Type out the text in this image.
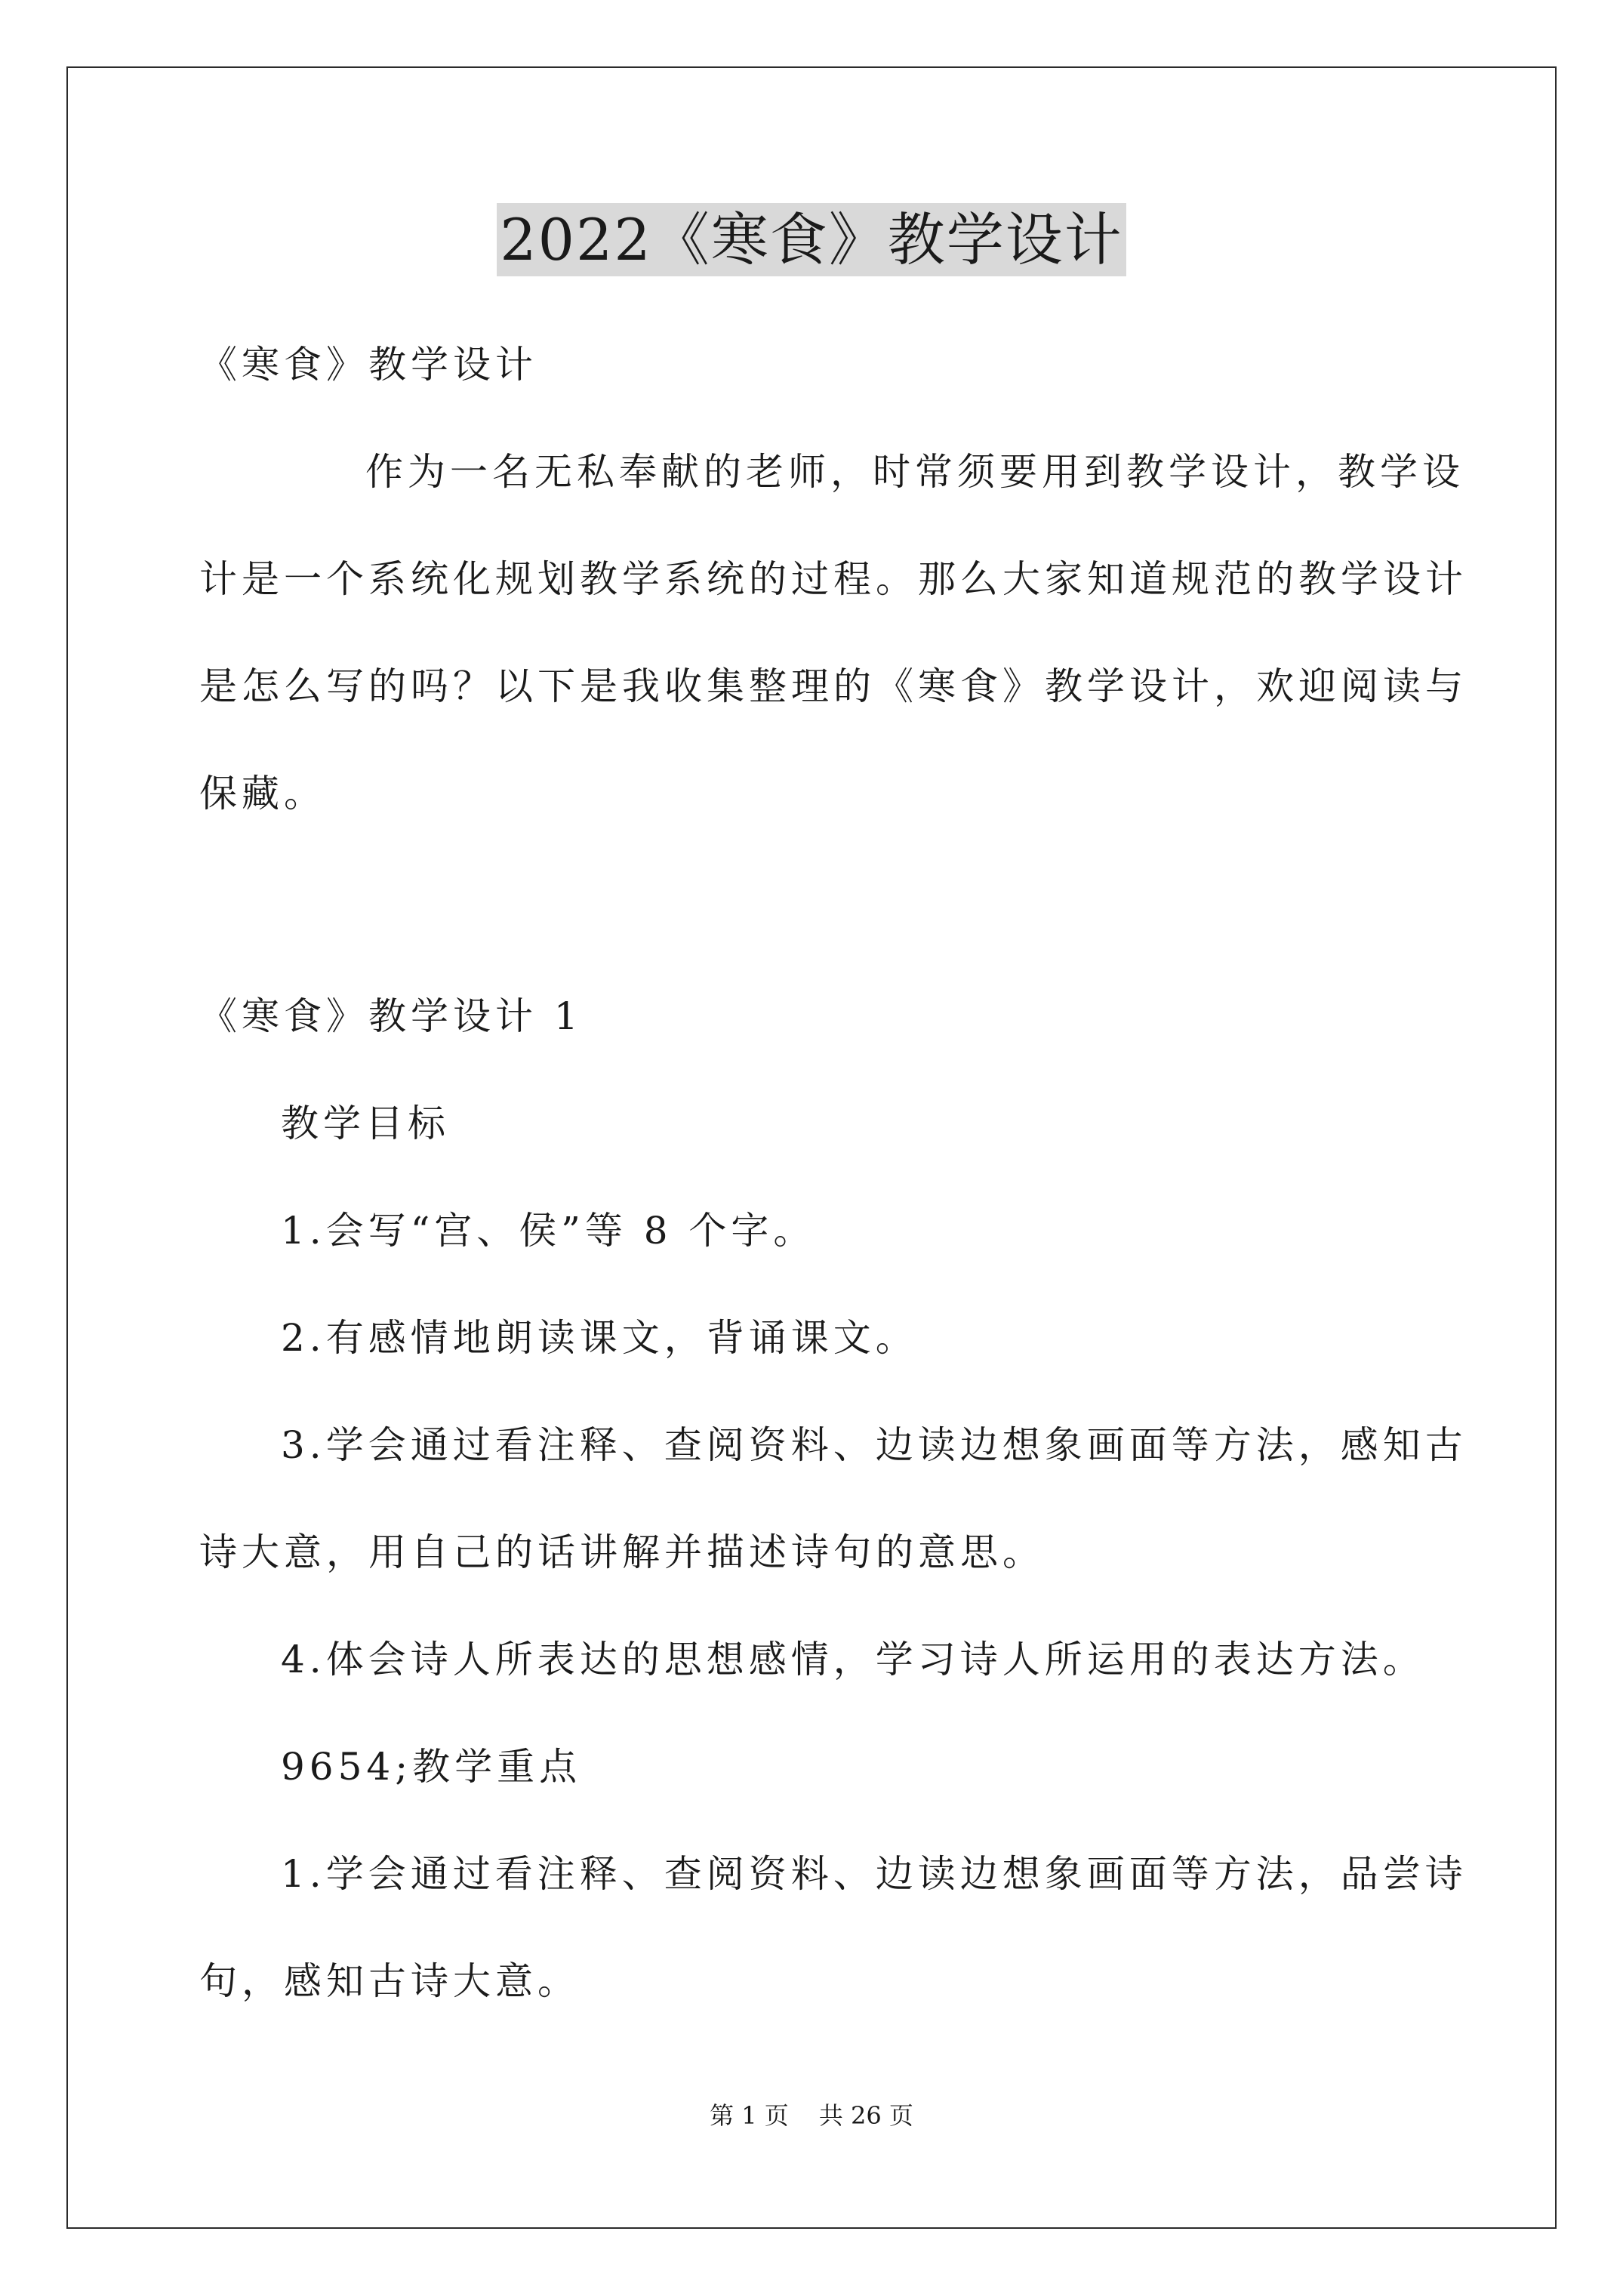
2022《寒食》教学设计
《寒食》教学设计
作为一名无私奉献的老师，时常须要用到教学设计，教学设
计是一个系统化规划教学系统的过程。那么大家知道规范的教学设计
是怎么写的吗？以下是我收集整理的《寒食》教学设计，欢迎阅读与
保藏。
《寒食》教学设计 1
教学目标
1.会写“宫、侯”等 8 个字。
2.有感情地朗读课文，背诵课文。
3.学会通过看注释、查阅资料、边读边想象画面等方法，感知古
诗大意，用自己的话讲解并描述诗句的意思。
4.体会诗人所表达的思想感情，学习诗人所运用的表达方法。
9654;教学重点
1.学会通过看注释、查阅资料、边读边想象画面等方法，品尝诗
句，感知古诗大意。
第 1 页 共 26 页
